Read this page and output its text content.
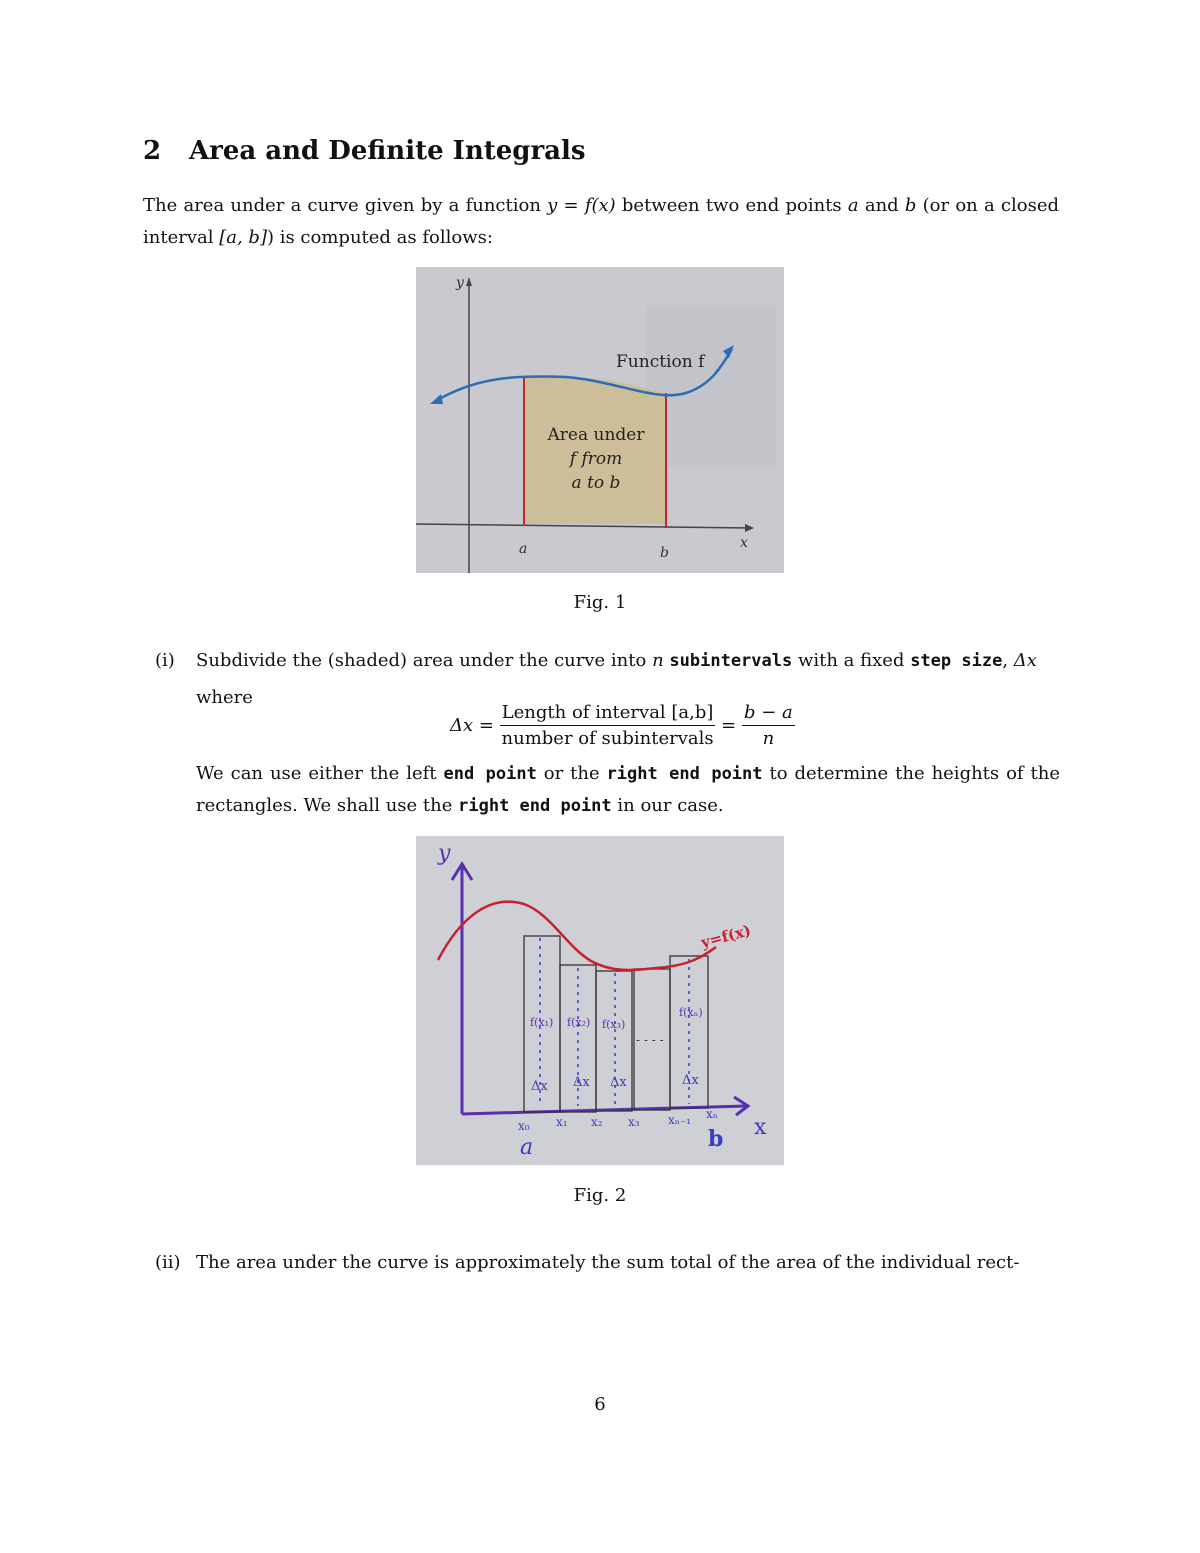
2 Area and Definite Integrals
The area under a curve given by a function y = f(x) between two end points a and b (or on a closed interval [a, b]) is computed as follows:
y
x
a	b
Function f
Area under
f from
a to b
Fig. 1
(i) Subdivide the (shaded) area under the curve into n subintervals with a fixed step size, Δx
where
$\Delta x = \frac{\text{Length of interval [a,b]}}{\text{number of subintervals}} = \frac{b - a}{n}$
We can use either the left end point or the right end point to determine the heights of the rectangles. We shall use the right end point in our case.
y
x
y=f(x)
f(x₁) f(x₂) f(x₃)
f(xₙ)
- - - -
Δx Δx Δx	Δx
x₀ x₁ x₂ x₃ xₙ₋₁ xₙ
a	b
Fig. 2
(ii) The area under the curve is approximately the sum total of the area of the individual rect-
6
